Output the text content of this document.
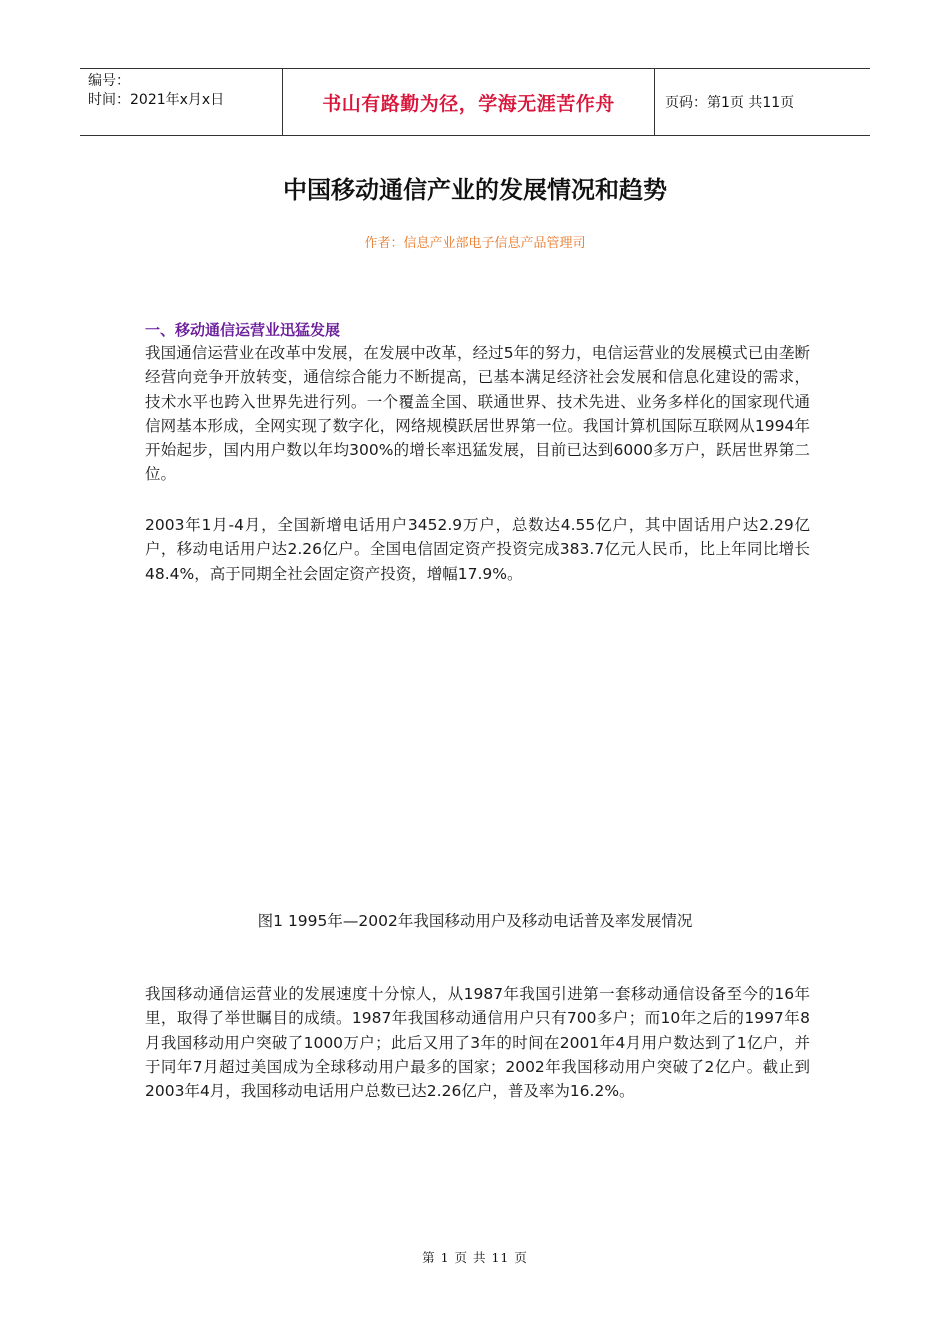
编号：
时间：2021年x月x日	书山有路勤为径，学海无涯苦作舟	页码：第1页 共11页
中国移动通信产业的发展情况和趋势
作者：信息产业部电子信息产品管理司
一、移动通信运营业迅猛发展

我国通信运营业在改革中发展，在发展中改革，经过5年的努力，电信运营业的发展模式已由垄断经营向竞争开放转变，通信综合能力不断提高，已基本满足经济社会发展和信息化建设的需求，技术水平也跨入世界先进行列。一个覆盖全国、联通世界、技术先进、业务多样化的国家现代通信网基本形成，全网实现了数字化，网络规模跃居世界第一位。我国计算机国际互联网从1994年开始起步，国内用户数以年均300%的增长率迅猛发展，目前已达到6000多万户，跃居世界第二位。

2003年1月-4月，全国新增电话用户3452.9万户，总数达4.55亿户，其中固话用户达2.29亿户，移动电话用户达2.26亿户。全国电信固定资产投资完成383.7亿元人民币，比上年同比增长48.4%，高于同期全社会固定资产投资，增幅17.9%。

图1 1995年—2002年我国移动用户及移动电话普及率发展情况

我国移动通信运营业的发展速度十分惊人，从1987年我国引进第一套移动通信设备至今的16年里，取得了举世瞩目的成绩。1987年我国移动通信用户只有700多户；而10年之后的1997年8月我国移动用户突破了1000万户；此后又用了3年的时间在2001年4月用户数达到了1亿户，并于同年7月超过美国成为全球移动用户最多的国家；2002年我国移动用户突破了2亿户。截止到2003年4月，我国移动电话用户总数已达2.26亿户，普及率为16.2%。

第 1 页 共 11 页
